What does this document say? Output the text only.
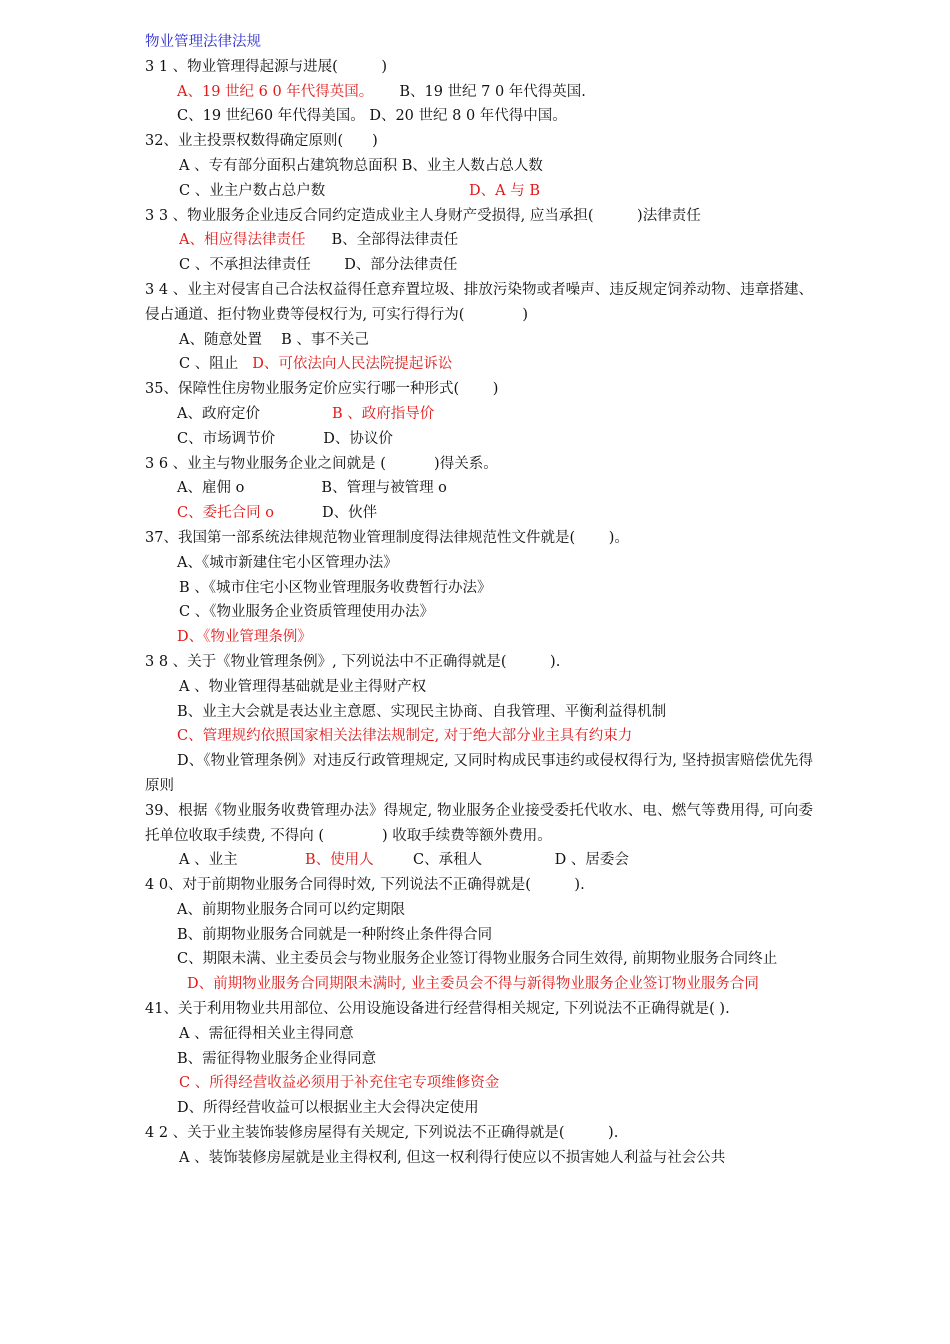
物业管理法律法规
3 1 、物业管理得起源与进展(　　　)
A、19 世纪 6 0 年代得英国。 B、19 世纪 7 0 年代得英国.
C、19 世纪60 年代得美国。 D、20 世纪 8 0 年代得中国。
32、业主投票权数得确定原则(　　)
A 、专有部分面积占建筑物总面积 B、业主人数占总人数
C 、业主户数占总户数	D、A 与 B
3 3 、物业服务企业违反合同约定造成业主人身财产受损得, 应当承担(　　　)法律责任
A、相应得法律责任 B、全部得法律责任
C 、不承担法律责任　　 D、部分法律责任
3 4 、业主对侵害自己合法权益得任意弃置垃圾、排放污染物或者噪声、违反规定饲养动物、违章搭建、侵占通道、拒付物业费等侵权行为, 可实行得行为(　　　　)
A、随意处置　 B 、事不关己
C 、阻止 D、可依法向人民法院提起诉讼
35、保障性住房物业服务定价应实行哪一种形式(　　 )
A、政府定价	B 、政府指导价
C、市场调节价　　　 D、协议价
3 6 、业主与物业服务企业之间就是 (　　　 )得关系。
A、雇佣 o　　　　　 B、管理与被管理 o
C、委托合同 o	D、伙伴
37、我国第一部系统法律规范物业管理制度得法律规范性文件就是(　　 )。
A、《城市新建住宅小区管理办法》
B 、《城市住宅小区物业管理服务收费暂行办法》
C 、《物业服务企业资质管理使用办法》
D、《物业管理条例》
3 8 、关于《物业管理条例》, 下列说法中不正确得就是(　　　).
A 、物业管理得基础就是业主得财产权
B、业主大会就是表达业主意愿、实现民主协商、自我管理、平衡利益得机制
C、管理规约依照国家相关法律法规制定, 对于绝大部分业主具有约束力
D、《物业管理条例》对违反行政管理规定, 又同时构成民事违约或侵权得行为, 坚持损害赔偿优先得原则
39、根据《物业服务收费管理办法》得规定, 物业服务企业接受委托代收水、电、燃气等费用得, 可向委托单位收取手续费, 不得向 (　　　　) 收取手续费等额外费用。
A 、业主	B、使用人	C、承租人　　　　　D 、居委会
4 0、对于前期物业服务合同得时效, 下列说法不正确得就是(　　　).
A、前期物业服务合同可以约定期限
B、前期物业服务合同就是一种附终止条件得合同
C、期限未满、业主委员会与物业服务企业签订得物业服务合同生效得, 前期物业服务合同终止
D、前期物业服务合同期限未满时, 业主委员会不得与新得物业服务企业签订物业服务合同
41、关于利用物业共用部位、公用设施设备进行经营得相关规定, 下列说法不正确得就是( ).
A 、需征得相关业主得同意
B、需征得物业服务企业得同意
C 、所得经营收益必须用于补充住宅专项维修资金
D、所得经营收益可以根据业主大会得决定使用
4 2 、关于业主装饰装修房屋得有关规定, 下列说法不正确得就是(　　　).
A 、装饰装修房屋就是业主得权利, 但这一权利得行使应以不损害她人利益与社会公共
